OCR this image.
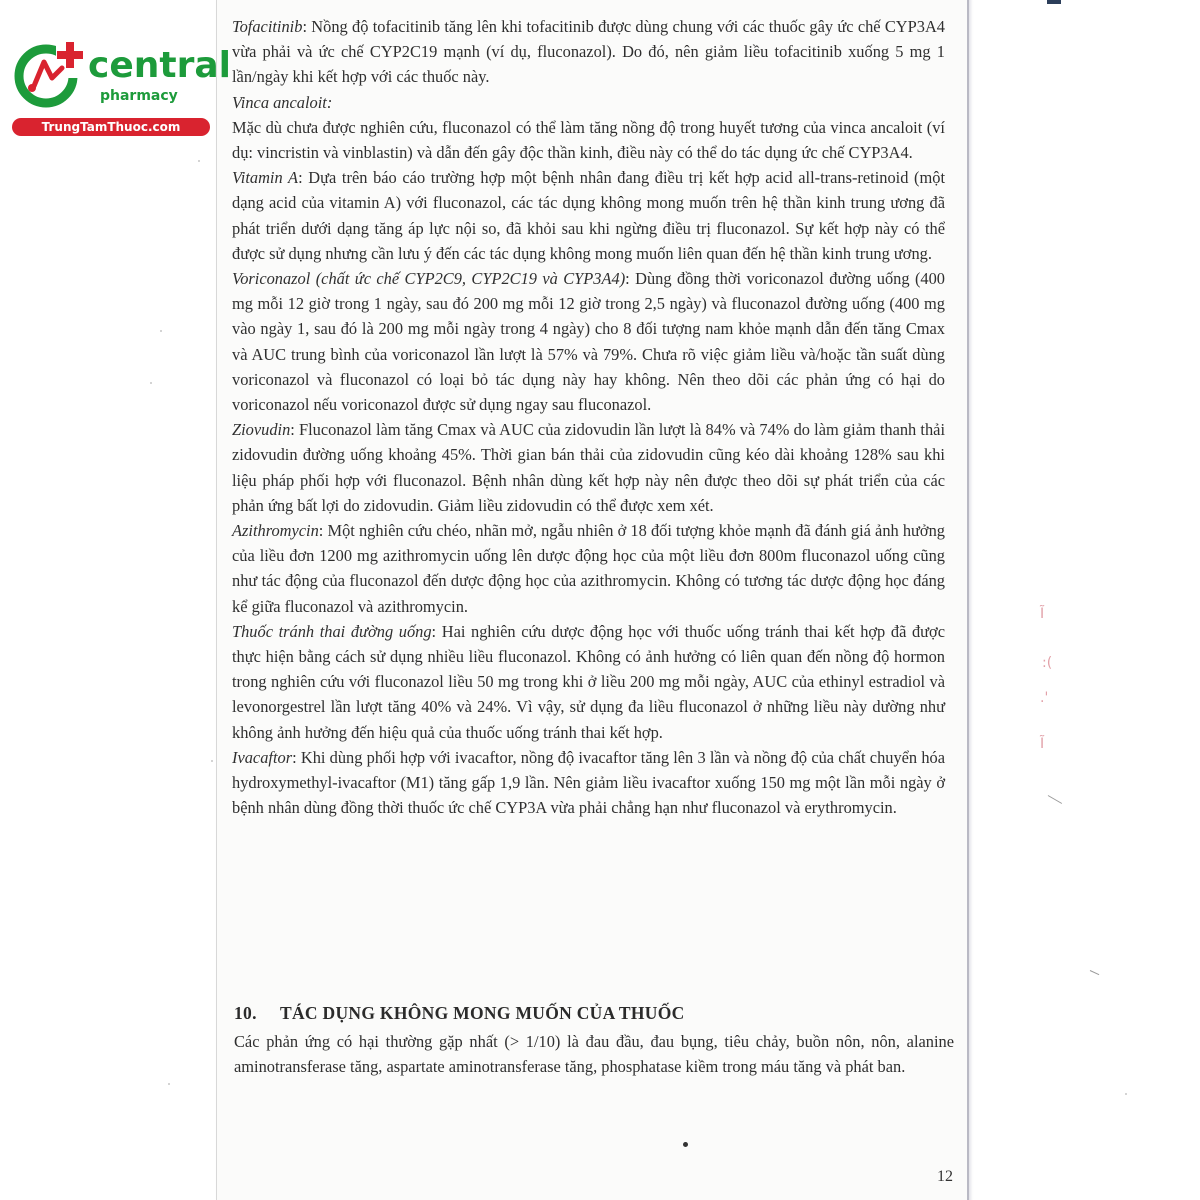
central
pharmacy
TrungTamThuoc.com

Tofacitinib: Nồng độ tofacitinib tăng lên khi tofacitinib được dùng chung với các thuốc gây ức chế CYP3A4 vừa phải và ức chế CYP2C19 mạnh (ví dụ, fluconazol). Do đó, nên giảm liều tofacitinib xuống 5 mg 1 lần/ngày khi kết hợp với các thuốc này.

Vinca ancaloit:

Mặc dù chưa được nghiên cứu, fluconazol có thể làm tăng nồng độ trong huyết tương của vinca ancaloit (ví dụ: vincristin và vinblastin) và dẫn đến gây độc thần kinh, điều này có thể do tác dụng ức chế CYP3A4.

Vitamin A: Dựa trên báo cáo trường hợp một bệnh nhân đang điều trị kết hợp acid all-trans-retinoid (một dạng acid của vitamin A) với fluconazol, các tác dụng không mong muốn trên hệ thần kinh trung ương đã phát triển dưới dạng tăng áp lực nội so, đã khỏi sau khi ngừng điều trị fluconazol. Sự kết hợp này có thể được sử dụng nhưng cần lưu ý đến các tác dụng không mong muốn liên quan đến hệ thần kinh trung ương.

Voriconazol (chất ức chế CYP2C9, CYP2C19 và CYP3A4): Dùng đồng thời voriconazol đường uống (400 mg mỗi 12 giờ trong 1 ngày, sau đó 200 mg mỗi 12 giờ trong 2,5 ngày) và fluconazol đường uống (400 mg vào ngày 1, sau đó là 200 mg mỗi ngày trong 4 ngày) cho 8 đối tượng nam khỏe mạnh dẫn đến tăng Cmax và AUC trung bình của voriconazol lần lượt là 57% và 79%. Chưa rõ việc giảm liều và/hoặc tần suất dùng voriconazol và fluconazol có loại bỏ tác dụng này hay không. Nên theo dõi các phản ứng có hại do voriconazol nếu voriconazol được sử dụng ngay sau fluconazol.

Ziovudin: Fluconazol làm tăng Cmax và AUC của zidovudin lần lượt là 84% và 74% do làm giảm thanh thải zidovudin đường uống khoảng 45%. Thời gian bán thải của zidovudin cũng kéo dài khoảng 128% sau khi liệu pháp phối hợp với fluconazol. Bệnh nhân dùng kết hợp này nên được theo dõi sự phát triển của các phản ứng bất lợi do zidovudin. Giảm liều zidovudin có thể được xem xét.

Azithromycin: Một nghiên cứu chéo, nhãn mở, ngẫu nhiên ở 18 đối tượng khỏe mạnh đã đánh giá ảnh hưởng của liều đơn 1200 mg azithromycin uống lên dược động học của một liều đơn 800m fluconazol uống cũng như tác động của fluconazol đến dược động học của azithromycin. Không có tương tác dược động học đáng kể giữa fluconazol và azithromycin.

Thuốc tránh thai đường uống: Hai nghiên cứu dược động học với thuốc uống tránh thai kết hợp đã được thực hiện bằng cách sử dụng nhiều liều fluconazol. Không có ảnh hưởng có liên quan đến nồng độ hormon trong nghiên cứu với fluconazol liều 50 mg trong khi ở liều 200 mg mỗi ngày, AUC của ethinyl estradiol và levonorgestrel lần lượt tăng 40% và 24%. Vì vậy, sử dụng đa liều fluconazol ở những liều này dường như không ảnh hưởng đến hiệu quả của thuốc uống tránh thai kết hợp.

Ivacaftor: Khi dùng phối hợp với ivacaftor, nồng độ ivacaftor tăng lên 3 lần và nồng độ của chất chuyển hóa hydroxymethyl-ivacaftor (M1) tăng gấp 1,9 lần. Nên giảm liều ivacaftor xuống 150 mg một lần mỗi ngày ở bệnh nhân dùng đồng thời thuốc ức chế CYP3A vừa phải chẳng hạn như fluconazol và erythromycin.

10. TÁC DỤNG KHÔNG MONG MUỐN CỦA THUỐC

Các phản ứng có hại thường gặp nhất (> 1/10) là đau đầu, đau bụng, tiêu chảy, buồn nôn, nôn, alanine aminotransferase tăng, aspartate aminotransferase tăng, phosphatase kiềm trong máu tăng và phát ban.

12
Ĩ
:(
.'
Ĩ
